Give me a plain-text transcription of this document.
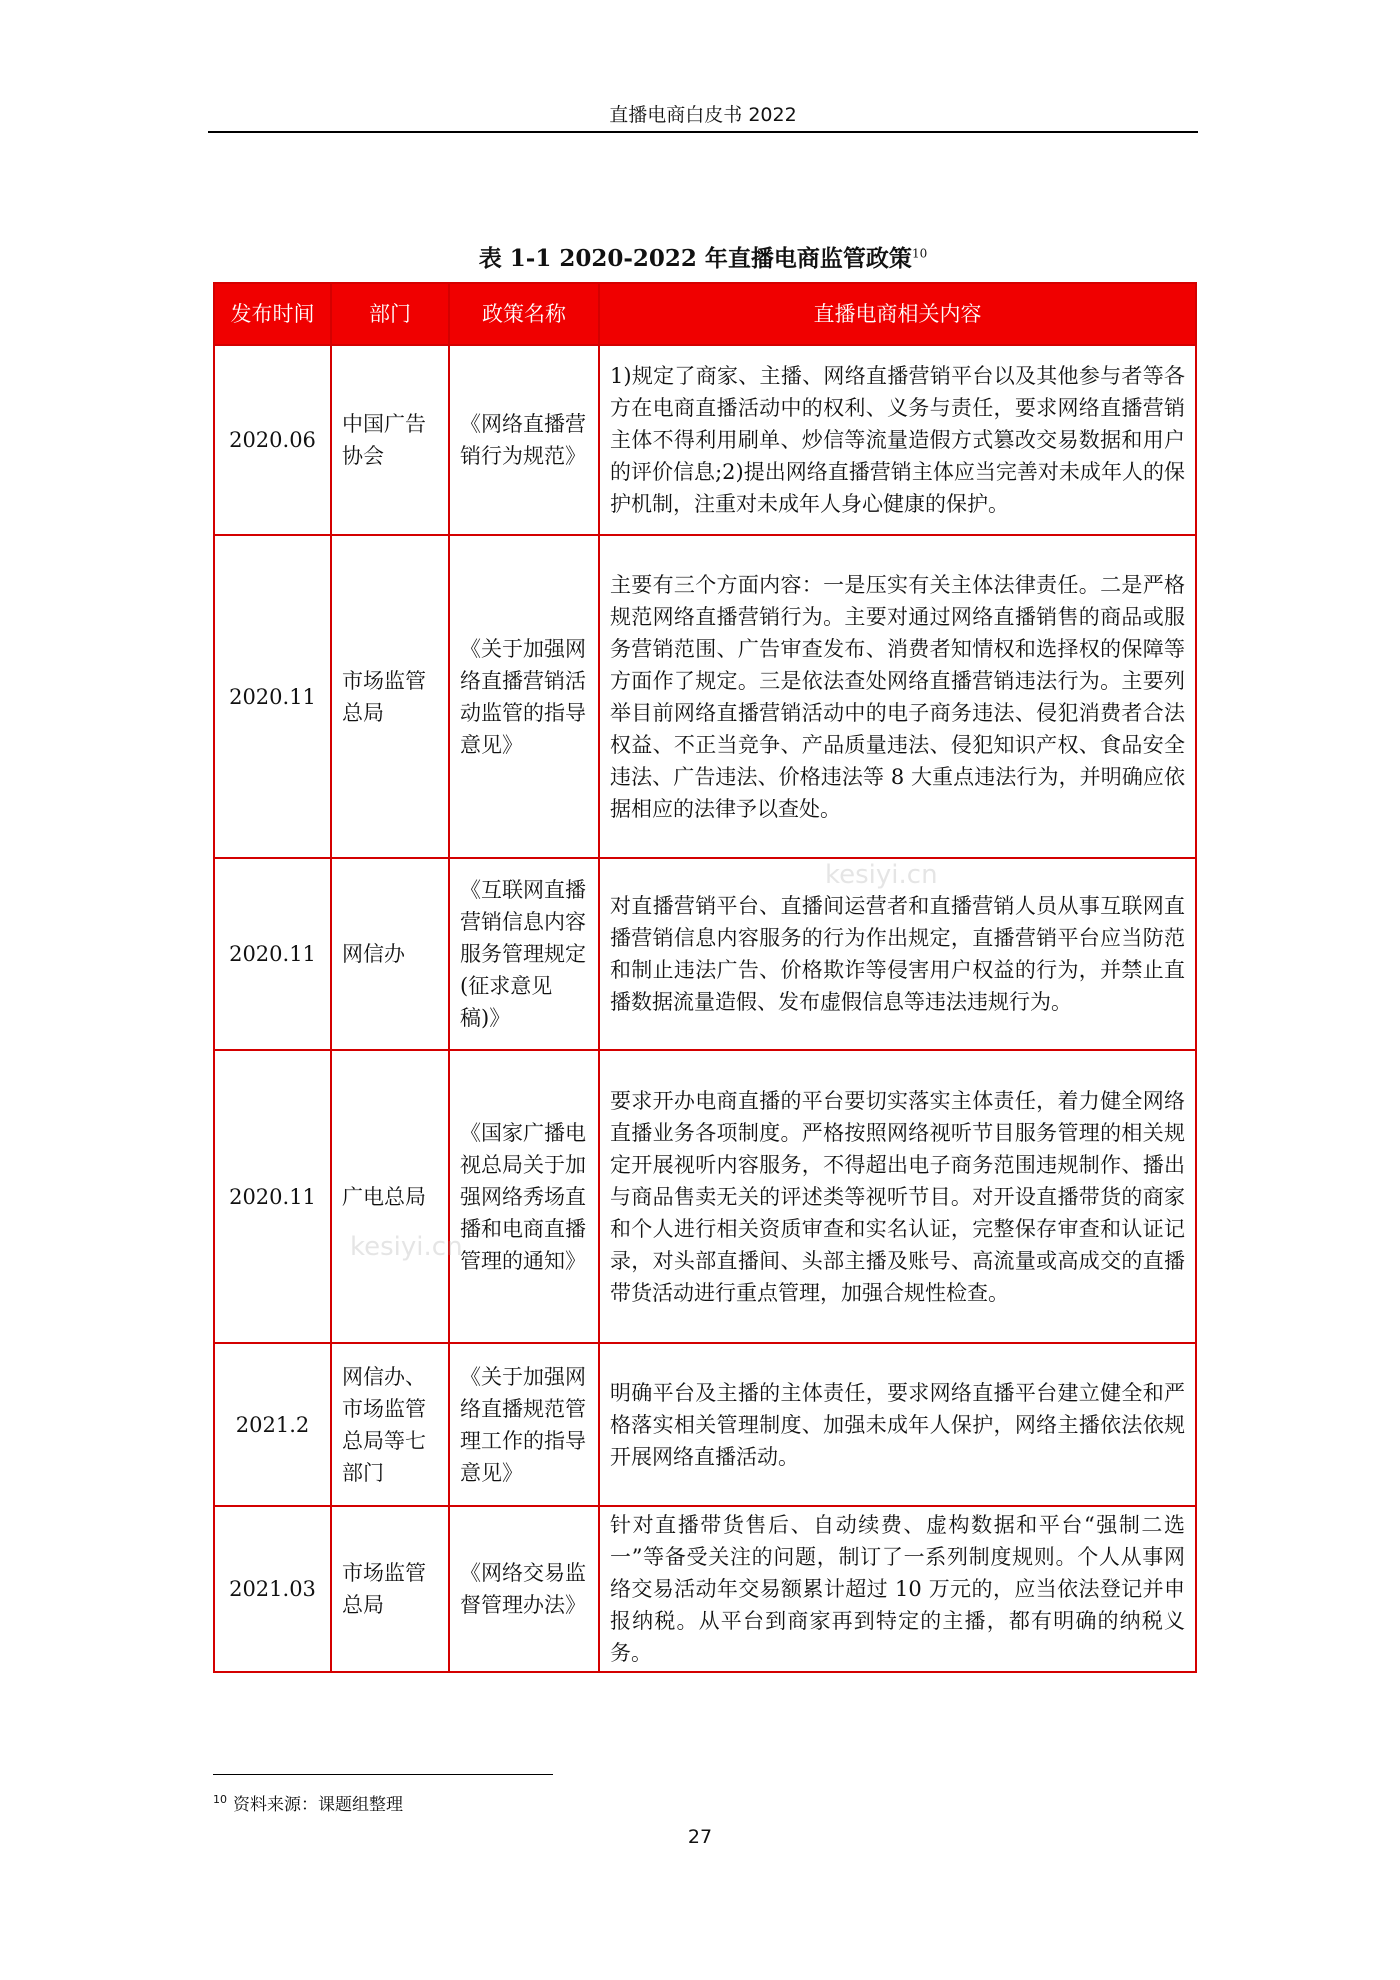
直播电商白皮书 2022
表 1-1 2020-2022 年直播电商监管政策$^{10}$
发布时间	部门	政策名称	直播电商相关内容
2020.06	中国广告协会	《网络直播营销行为规范》	1)规定了商家、主播、网络直播营销平台以及其他参与者等各方在电商直播活动中的权利、义务与责任，要求网络直播营销主体不得利用刷单、炒信等流量造假方式篡改交易数据和用户的评价信息;2)提出网络直播营销主体应当完善对未成年人的保护机制，注重对未成年人身心健康的保护。
2020.11	市场监管总局	《关于加强网络直播营销活动监管的指导意见》	主要有三个方面内容：一是压实有关主体法律责任。二是严格规范网络直播营销行为。主要对通过网络直播销售的商品或服务营销范围、广告审查发布、消费者知情权和选择权的保障等方面作了规定。三是依法查处网络直播营销违法行为。主要列举目前网络直播营销活动中的电子商务违法、侵犯消费者合法权益、不正当竞争、产品质量违法、侵犯知识产权、食品安全违法、广告违法、价格违法等 8 大重点违法行为，并明确应依据相应的法律予以查处。
2020.11	网信办	《互联网直播营销信息内容服务管理规定(征求意见稿)》	对直播营销平台、直播间运营者和直播营销人员从事互联网直播营销信息内容服务的行为作出规定，直播营销平台应当防范和制止违法广告、价格欺诈等侵害用户权益的行为，并禁止直播数据流量造假、发布虚假信息等违法违规行为。
2020.11	广电总局	《国家广播电视总局关于加强网络秀场直播和电商直播管理的通知》	要求开办电商直播的平台要切实落实主体责任，着力健全网络直播业务各项制度。严格按照网络视听节目服务管理的相关规定开展视听内容服务，不得超出电子商务范围违规制作、播出与商品售卖无关的评述类等视听节目。对开设直播带货的商家和个人进行相关资质审查和实名认证，完整保存审查和认证记录，对头部直播间、头部主播及账号、高流量或高成交的直播带货活动进行重点管理，加强合规性检查。
2021.2	网信办、市场监管总局等七部门	《关于加强网络直播规范管理工作的指导意见》	明确平台及主播的主体责任，要求网络直播平台建立健全和严格落实相关管理制度、加强未成年人保护，网络主播依法依规开展网络直播活动。
2021.03	市场监管总局	《网络交易监督管理办法》	针对直播带货售后、自动续费、虚构数据和平台“强制二选一”等备受关注的问题，制订了一系列制度规则。个人从事网络交易活动年交易额累计超过 10 万元的，应当依法登记并申报纳税。从平台到商家再到特定的主播，都有明确的纳税义务。
kesiyi.cn
kesiyi.cn
$^{10}$ 资料来源：课题组整理
27
